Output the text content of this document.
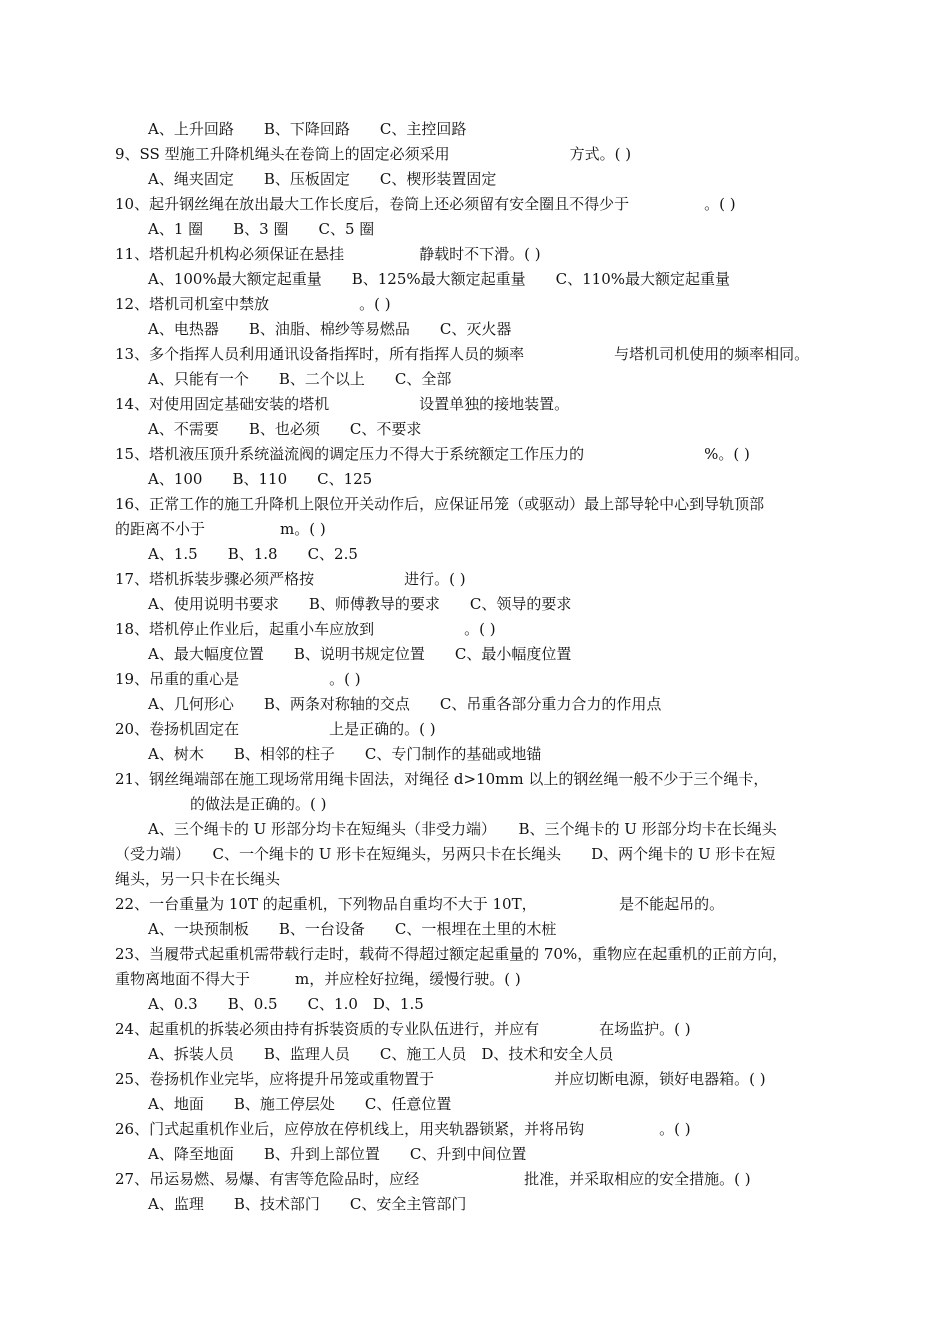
A、上升回路　　B、下降回路　　C、主控回路
9、SS 型施工升降机绳头在卷筒上的固定必须采用　　　　　　　　方式。( )
A、绳夹固定　　B、压板固定　　C、楔形装置固定
10、起升钢丝绳在放出最大工作长度后，卷筒上还必须留有安全圈且不得少于　　　　　。( )
A、1 圈　　B、3 圈　　C、5 圈
11、塔机起升机构必须保证在悬挂　　　　　静载时不下滑。( )
A、100%最大额定起重量　　B、125%最大额定起重量　　C、110%最大额定起重量
12、塔机司机室中禁放　　　　　　。( )
A、电热器　　B、油脂、棉纱等易燃品　　C、灭火器
13、多个指挥人员利用通讯设备指挥时，所有指挥人员的频率　　　　　　与塔机司机使用的频率相同。
A、只能有一个　　B、二个以上　　C、全部
14、对使用固定基础安装的塔机　　　　　　设置单独的接地装置。
A、不需要　　B、也必须　　C、不要求
15、塔机液压顶升系统溢流阀的调定压力不得大于系统额定工作压力的　　　　　　　　%。( )
A、100　　B、110　　C、125
16、正常工作的施工升降机上限位开关动作后，应保证吊笼（或驱动）最上部导轮中心到导轨顶部
的距离不小于　　　　　m。( )
A、1.5　　B、1.8　　C、2.5
17、塔机拆装步骤必须严格按　　　　　　进行。( )
A、使用说明书要求　　B、师傅教导的要求　　C、领导的要求
18、塔机停止作业后，起重小车应放到　　　　　　。( )
A、最大幅度位置　　B、说明书规定位置　　C、最小幅度位置
19、吊重的重心是　　　　　　。( )
A、几何形心　　B、两条对称轴的交点　　C、吊重各部分重力合力的作用点
20、卷扬机固定在　　　　　　上是正确的。( )
A、树木　　B、相邻的柱子　　C、专门制作的基础或地锚
21、钢丝绳端部在施工现场常用绳卡固法，对绳径 d>10mm 以上的钢丝绳一般不少于三个绳卡，
　　　　　的做法是正确的。( )
A、三个绳卡的 U 形部分均卡在短绳头（非受力端）　　B、三个绳卡的 U 形部分均卡在长绳头
（受力端）　　C、一个绳卡的 U 形卡在短绳头，另两只卡在长绳头　　D、两个绳卡的 U 形卡在短
绳头，另一只卡在长绳头
22、一台重量为 10T 的起重机，下列物品自重均不大于 10T，　　　　　　是不能起吊的。
A、一块预制板　　B、一台设备　　C、一根埋在土里的木桩
23、当履带式起重机需带载行走时，载荷不得超过额定起重量的 70%，重物应在起重机的正前方向，
重物离地面不得大于　　　m，并应栓好拉绳，缓慢行驶。( )
A、0.3　　B、0.5　　C、1.0　D、1.5
24、起重机的拆装必须由持有拆装资质的专业队伍进行，并应有　　　　在场监护。( )
A、拆装人员　　B、监理人员　　C、施工人员　D、技术和安全人员
25、卷扬机作业完毕，应将提升吊笼或重物置于　　　　　　　　并应切断电源，锁好电器箱。( )
A、地面　　B、施工停层处　　C、任意位置
26、门式起重机作业后，应停放在停机线上，用夹轨器锁紧，并将吊钩　　　　　。( )
A、降至地面　　B、升到上部位置　　C、升到中间位置
27、吊运易燃、易爆、有害等危险品时，应经　　　　　　　批准，并采取相应的安全措施。( )
A、监理　　B、技术部门　　C、安全主管部门
